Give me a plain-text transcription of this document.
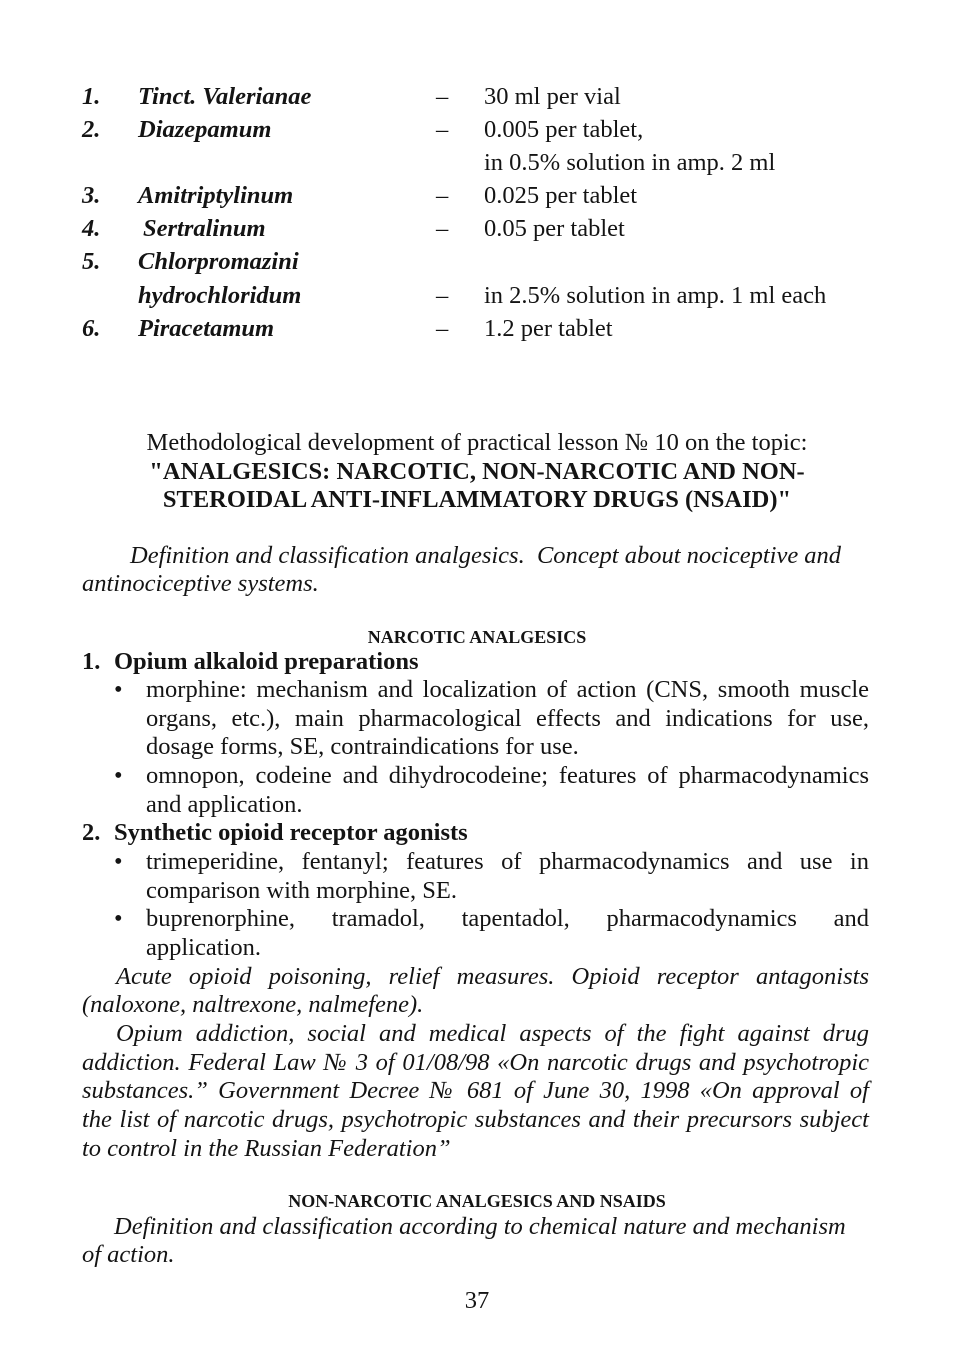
1. Tinct. Valerianae	– 30 ml per vial
2. Diazepamum	– 0.005 per tablet,
in 0.5% solution in amp. 2 ml
3. Amitriptylinum	– 0.025 per tablet
4. Sertralinum	– 0.05 per tablet
5. Chlorpromazini
hydrochloridum	– in 2.5% solution in amp. 1 ml each
6. Piracetamum	– 1.2 per tablet
Methodological development of practical lesson № 10 on the topic:
"ANALGESICS: NARCOTIC, NON-NARCOTIC AND NON-
STEROIDAL ANTI-INFLAMMATORY DRUGS (NSAID)"
Definition and classification analgesics.  Concept about nociceptive and
antinociceptive systems.
NARCOTIC ANALGESICS
1. Opium alkaloid preparations
• morphine: mechanism and localization of action (CNS, smooth muscle
organs, etc.), main pharmacological effects and indications for use,
dosage forms, SE, contraindications for use.
• omnopon, codeine and dihydrocodeine; features of pharmacodynamics
and application.
2. Synthetic opioid receptor agonists
• trimeperidine, fentanyl; features of pharmacodynamics and use in
comparison with morphine, SE.
• buprenorphine, tramadol, tapentadol, pharmacodynamics and
application.
Acute opioid poisoning, relief measures. Opioid receptor antagonists
(naloxone, naltrexone, nalmefene).
Opium addiction, social and medical aspects of the fight against drug
addiction. Federal Law № 3 of 01/08/98 «On narcotic drugs and psychotropic
substances.” Government Decree № 681 of June 30, 1998 «On approval of
the list of narcotic drugs, psychotropic substances and their precursors subject
to control in the Russian Federation”
NON-NARCOTIC ANALGESICS AND NSAIDS
Definition and classification according to chemical nature and mechanism
of action.
37
